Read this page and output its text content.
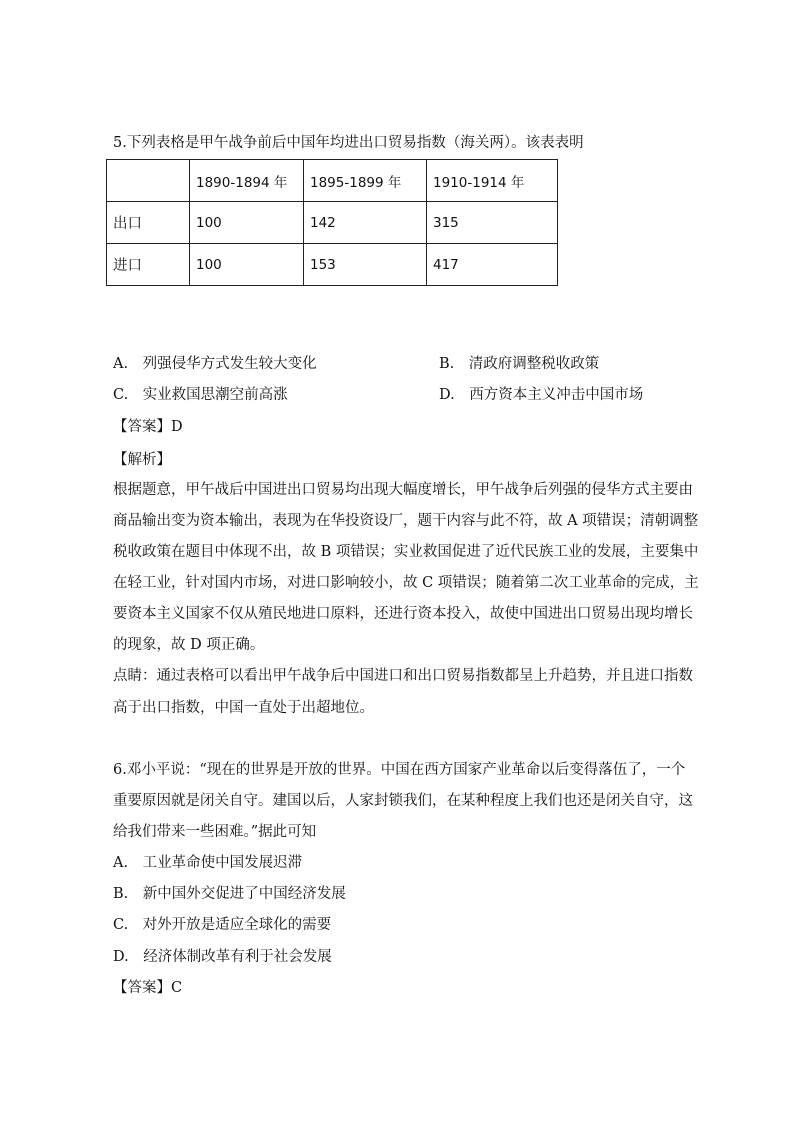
5.下列表格是甲午战争前后中国年均进出口贸易指数（海关两）。该表表明
	1890-1894 年	1895-1899 年	1910-1914 年
出口	100	142	315
进口	100	153	417
A.　列强侵华方式发生较大变化	B.　清政府调整税收政策
C.　实业救国思潮空前高涨	D.　西方资本主义冲击中国市场
【答案】D
【解析】
根据题意，甲午战后中国进出口贸易均出现大幅度增长，甲午战争后列强的侵华方式主要由
商品输出变为资本输出，表现为在华投资设厂，题干内容与此不符，故 A 项错误；清朝调整
税收政策在题目中体现不出，故 B 项错误；实业救国促进了近代民族工业的发展，主要集中
在轻工业，针对国内市场，对进口影响较小，故 C 项错误；随着第二次工业革命的完成，主
要资本主义国家不仅从殖民地进口原料，还进行资本投入，故使中国进出口贸易出现均增长
的现象，故 D 项正确。
点睛：通过表格可以看出甲午战争后中国进口和出口贸易指数都呈上升趋势，并且进口指数
高于出口指数，中国一直处于出超地位。
6.邓小平说：“现在的世界是开放的世界。中国在西方国家产业革命以后变得落伍了，一个
重要原因就是闭关自守。建国以后，人家封锁我们，在某种程度上我们也还是闭关自守，这
给我们带来一些困难。”据此可知
A.　工业革命使中国发展迟滞
B.　新中国外交促进了中国经济发展
C.　对外开放是适应全球化的需要
D.　经济体制改革有利于社会发展
【答案】C
